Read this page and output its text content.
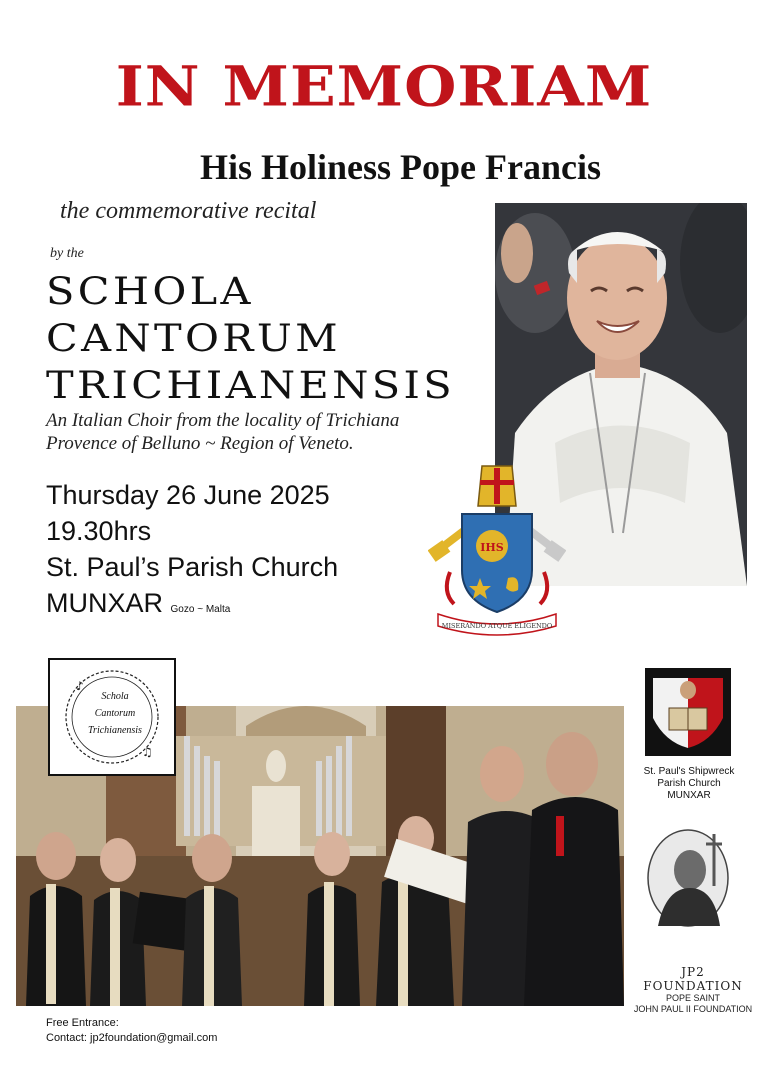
IN MEMORIAM
His Holiness Pope Francis
the commemorative recital
by the
SCHOLA
CANTORUM
TRICHIANENSIS
An Italian Choir from the locality of Trichiana
Provence of Belluno ~ Region of Veneto.
Thursday 26 June 2025
19.30hrs
St. Paul’s Parish Church
MUNXAR Gozo ~ Malta
IHS
MISERANDO ATQUE ELIGENDO
♪
♫
Schola
Cantorum
Trichianensis
St. Paul's Shipwreck
Parish Church
MUNXAR
JP2
FOUNDATION
POPE SAINT
JOHN PAUL II FOUNDATION
Free Entrance:
Contact: jp2foundation@gmail.com
